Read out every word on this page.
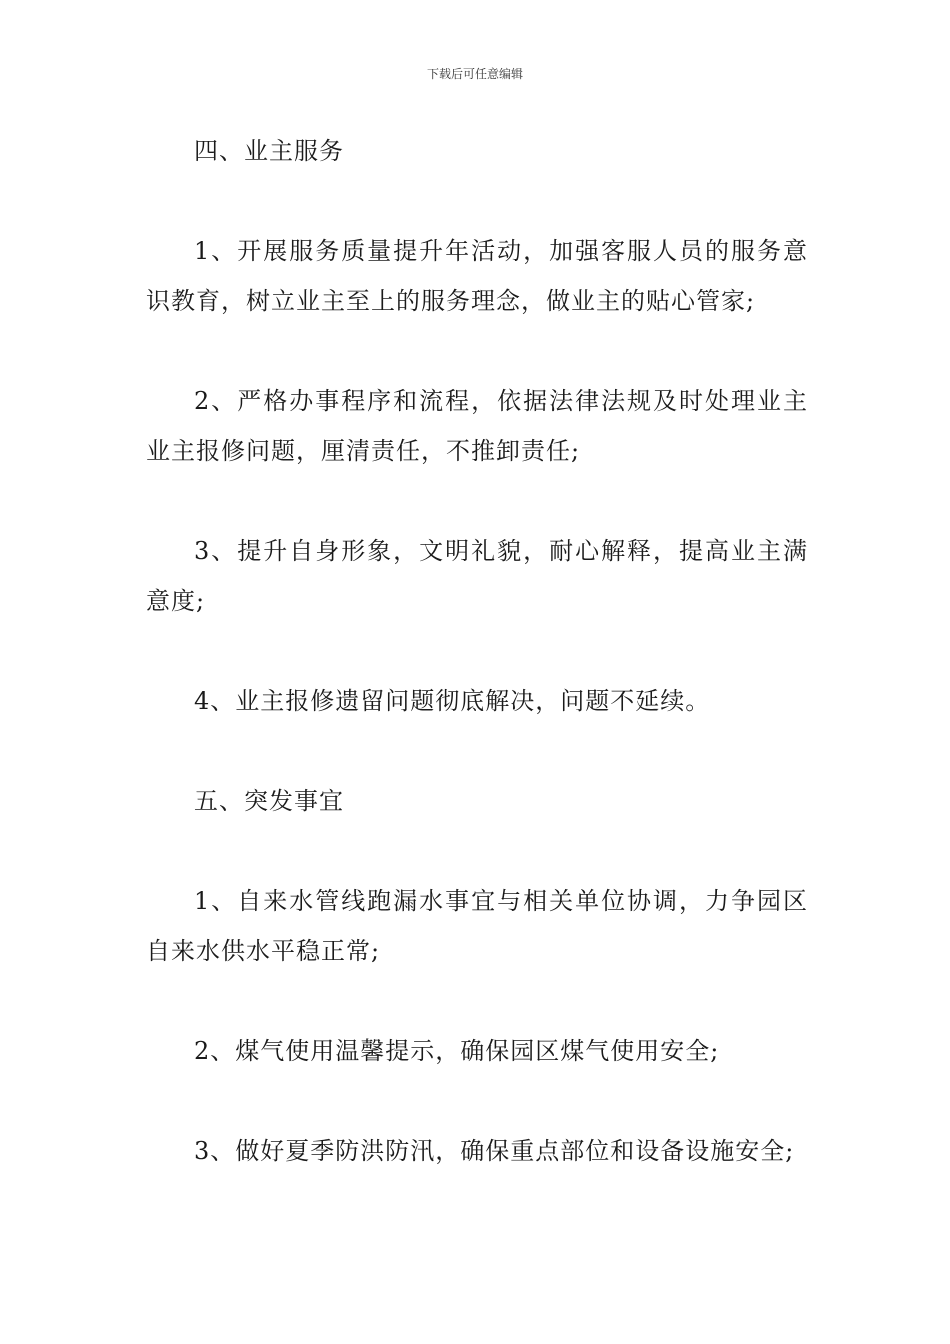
下载后可任意编辑

四、业主服务

1、开展服务质量提升年活动，加强客服人员的服务意识教育，树立业主至上的服务理念，做业主的贴心管家;

2、严格办事程序和流程，依据法律法规及时处理业主业主报修问题，厘清责任，不推卸责任;

3、提升自身形象，文明礼貌，耐心解释，提高业主满意度;

4、业主报修遗留问题彻底解决，问题不延续。

五、突发事宜

1、自来水管线跑漏水事宜与相关单位协调，力争园区自来水供水平稳正常;

2、煤气使用温馨提示，确保园区煤气使用安全;

3、做好夏季防洪防汛，确保重点部位和设备设施安全;
